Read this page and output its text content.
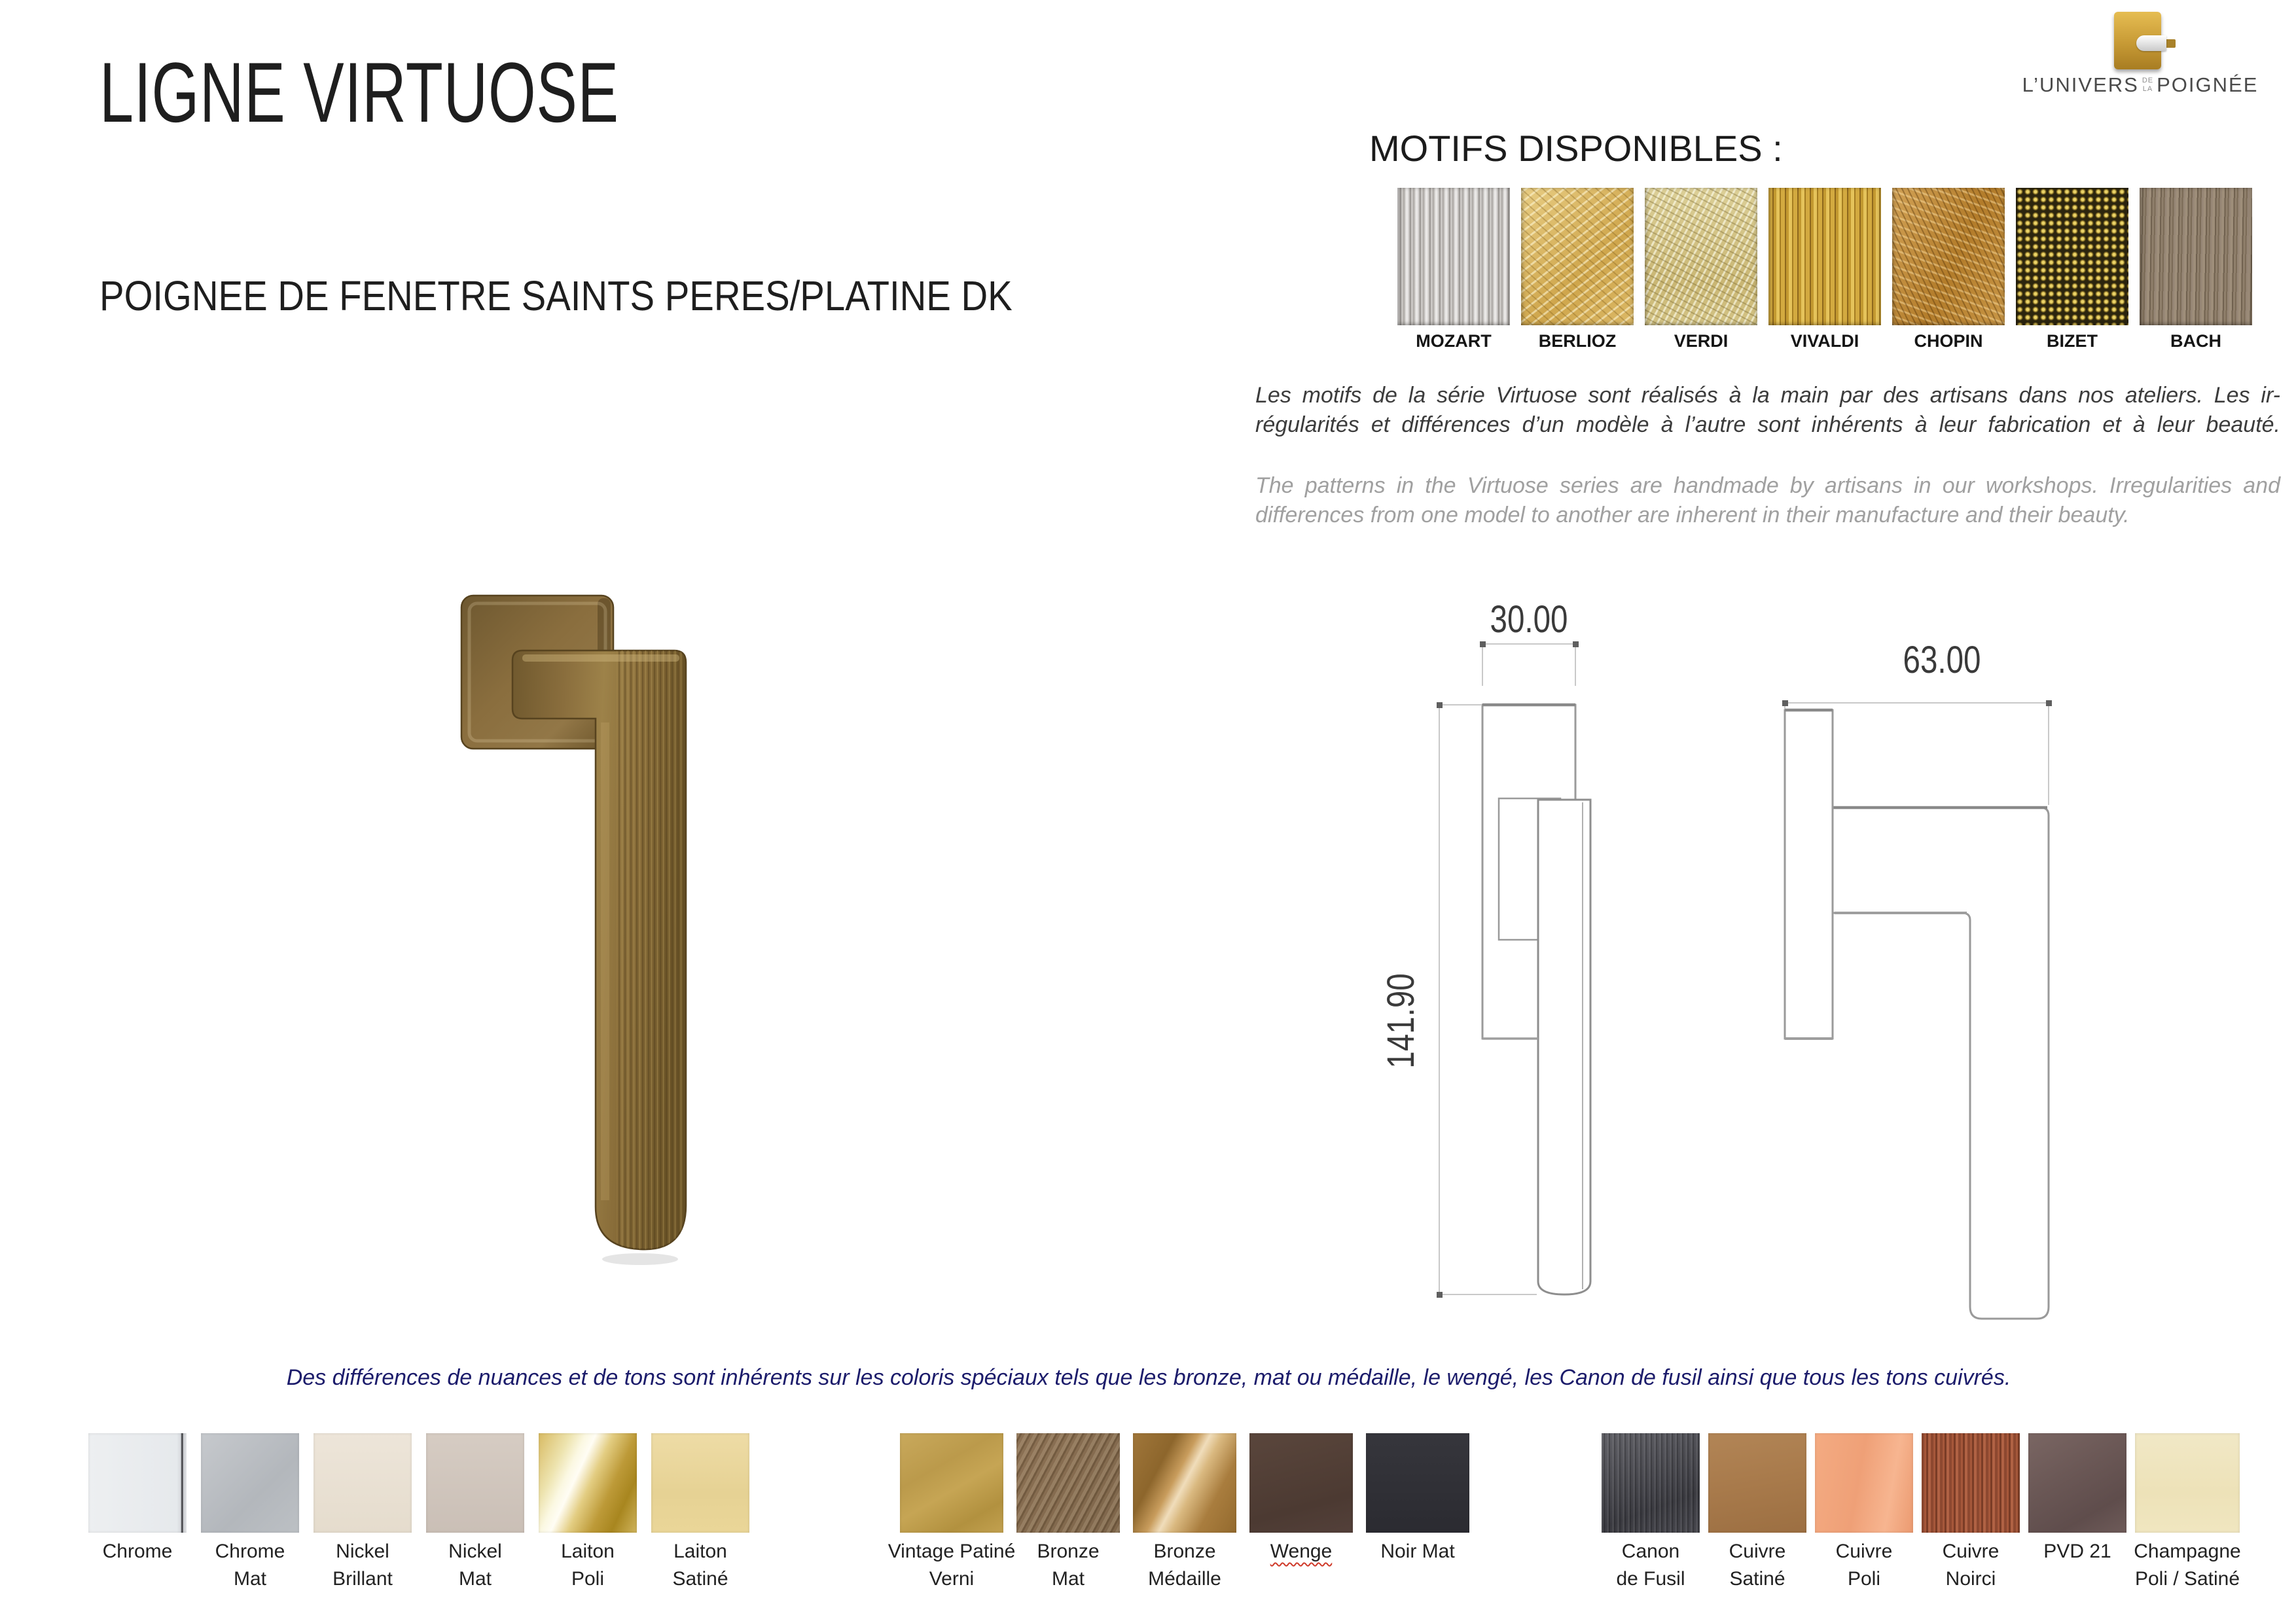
LIGNE VIRTUOSE
POIGNEE DE FENETRE SAINTS PERES/PLATINE DK
L’UNIVERS DE
LA POIGNÉE
MOTIFS DISPONIBLES :
MOZART	BERLIOZ	VERDI	VIVALDI	CHOPIN	BIZET	BACH
Les motifs de la série Virtuose sont réalisés à la main par des artisans dans nos ateliers. Les ir-
régularités et différences d’un modèle à l’autre sont inhérents à leur fabrication et à leur beauté.
The patterns in the Virtuose series are handmade by artisans in our workshops. Irregularities and
differences from one model to another are inherent in their manufacture and their beauty.
30.00
63.00
141.90
Des différences de nuances et de tons sont inhérents sur les coloris spéciaux tels que les bronze, mat ou médaille, le wengé, les Canon de fusil ainsi que tous les tons cuivrés.
Chrome	Chrome
Mat
Nickel
Brillant
Nickel
Mat
Laiton
Poli
Laiton
Satiné
Vintage Patiné
Verni
Bronze
Mat
Bronze
Médaille
Wenge	Noir Mat	Canon
de Fusil
Cuivre
Satiné
Cuivre
Poli
Cuivre
Noirci
PVD 21	Champagne
Poli / Satiné
